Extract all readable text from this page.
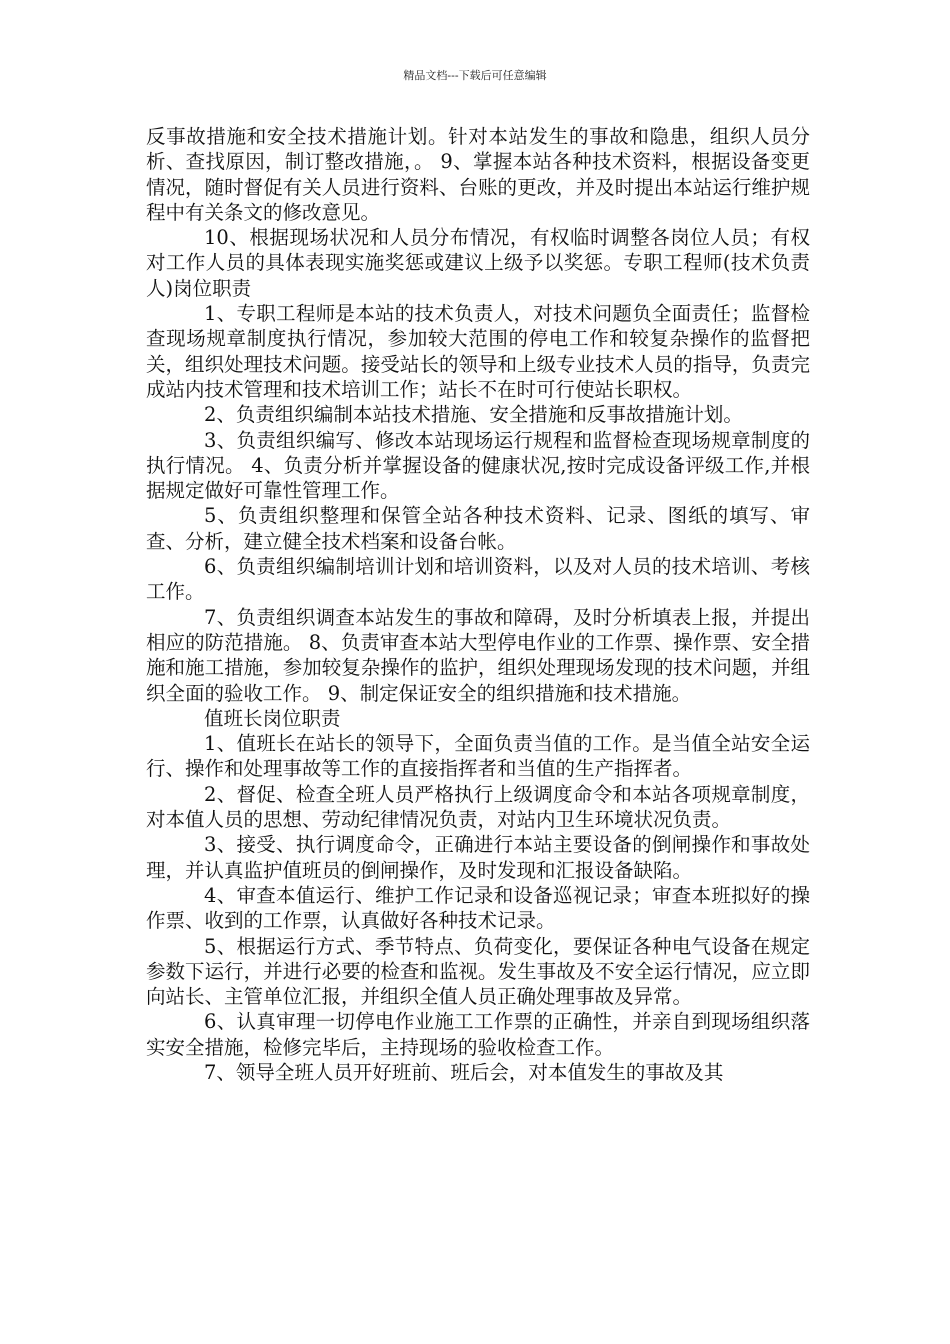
精品文档---下载后可任意编辑

反事故措施和安全技术措施计划。针对本站发生的事故和隐患，组织人员分析、查找原因，制订整改措施，。 9、掌握本站各种技术资料，根据设备变更情况，随时督促有关人员进行资料、台账的更改，并及时提出本站运行维护规程中有关条文的修改意见。

10、根据现场状况和人员分布情况，有权临时调整各岗位人员；有权对工作人员的具体表现实施奖惩或建议上级予以奖惩。专职工程师(技术负责人)岗位职责

1、专职工程师是本站的技术负责人，对技术问题负全面责任；监督检查现场规章制度执行情况，参加较大范围的停电工作和较复杂操作的监督把关，组织处理技术问题。接受站长的领导和上级专业技术人员的指导，负责完成站内技术管理和技术培训工作；站长不在时可行使站长职权。

2、负责组织编制本站技术措施、安全措施和反事故措施计划。

3、负责组织编写、修改本站现场运行规程和监督检查现场规章制度的执行情况。 4、负责分析并掌握设备的健康状况,按时完成设备评级工作,并根据规定做好可靠性管理工作。

5、负责组织整理和保管全站各种技术资料、记录、图纸的填写、审查、分析，建立健全技术档案和设备台帐。

6、负责组织编制培训计划和培训资料，以及对人员的技术培训、考核工作。

7、负责组织调查本站发生的事故和障碍，及时分析填表上报，并提出相应的防范措施。 8、负责审查本站大型停电作业的工作票、操作票、安全措施和施工措施，参加较复杂操作的监护，组织处理现场发现的技术问题，并组织全面的验收工作。 9、制定保证安全的组织措施和技术措施。

值班长岗位职责

1、值班长在站长的领导下，全面负责当值的工作。是当值全站安全运行、操作和处理事故等工作的直接指挥者和当值的生产指挥者。

2、督促、检查全班人员严格执行上级调度命令和本站各项规章制度，对本值人员的思想、劳动纪律情况负责，对站内卫生环境状况负责。

3、接受、执行调度命令，正确进行本站主要设备的倒闸操作和事故处理，并认真监护值班员的倒闸操作，及时发现和汇报设备缺陷。

4、审查本值运行、维护工作记录和设备巡视记录；审查本班拟好的操作票、收到的工作票，认真做好各种技术记录。

5、根据运行方式、季节特点、负荷变化，要保证各种电气设备在规定参数下运行，并进行必要的检查和监视。发生事故及不安全运行情况，应立即向站长、主管单位汇报，并组织全值人员正确处理事故及异常。

6、认真审理一切停电作业施工工作票的正确性，并亲自到现场组织落实安全措施，检修完毕后，主持现场的验收检查工作。

7、领导全班人员开好班前、班后会，对本值发生的事故及其
